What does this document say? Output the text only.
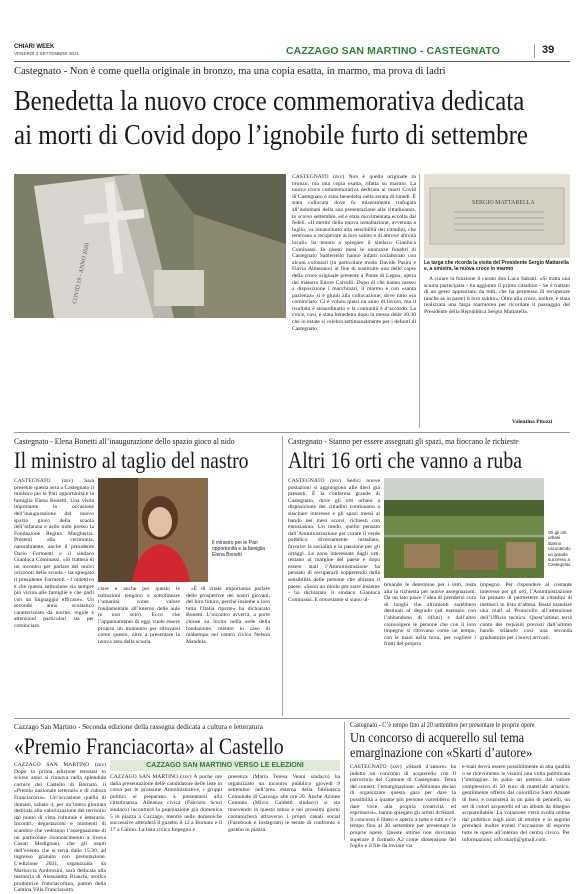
CHIARI WEEK
VENERDÌ 3 SETTEMBRE 2021	CAZZAGO SAN MARTINO - CASTEGNATO	39
Castegnato - Non è come quella originale in bronzo, ma una copia esatta, in marmo, ma prova di ladri
Benedetta la nuovo croce commemorativa dedicata
ai morti di Covid dopo l’ignobile furto di settembre
COVID 19 - ANNO 2020

CASTEGNATO (zsv) Non è quella originale in bronzo, ma una copia esatta, rifatta su marmo. La nuova croce commemorativa dedicata ai morti Covid di Castegnato è stata benedetta nella serata di lunedì. È stata collocata dove fu miseramente trafugata all’indomani della sua presentazione alla cittadinanza, lo scorso settembre, ed è stata movimentata eccolta dal fedeli. «Il merito della nuova installazione, avvenuta a luglio, va innanzitutto alla sensibilità dei cittadini, che tenevano a recuperare al loro subito e di altrove attività locali» ha tenuto a spiegare il sindaco Gianluca Cominassi. In questi mesi le onoranze funebri di Castegnato Santeriello hanno infatti collaborato con alcuni volontari (in particolare modo Davide Pasini e Flavio Almerano) al fine di sostituire una delle copie della croce originale presente a Ponte di Legno, opera del maestro Ettore Calvelli. Dopo di che hanno messo a disposizione i macchinari, il marmo e con «santa pazienza» si è giunti alla collocazione, dove tutto era cominciato. Ci è voluto quasi un anno di lavoro, ma il risultato è straordinario e la comunità è d’accordo. La croce, così, è stata benedetta dopo la messa delle 20.30 che in estate si celebra settimanalmente per i defunti di Castegnato.

SERGIO MATTARELLA
La targa che ricorda la visita del Presidente Sergio Mattarella e, a sinistra, la nuova croce in marmo

A curare la funzione il curato don Luca Sabatti. «Si tratta una scuola partecipata - ha aggiunto il primo cittadino - Se è trattato di un gesto apprezzato da tutti, che ha permesso di recuperare (anche se in parte) il loro subito». Oltre alla croce, inoltre, è stata realizzata una targa marmorea per ricordare il passaggio del Presidente della Repubblica Sergio Mattarella.

Valentina Pitozzi
Castegnato - Elena Bonetti all’inaugurazione dello spazio gioco al nido
Il ministro al taglio del nastro

CASTEGNATO (zsv) Sarà presente questa sera a Castegnato il ministro per le Pari opportunità e la famiglia Elena Bonetti. Una visita importante in occasione dell’inaugurazione del nuovo spazio gioco della scuola dell’infanzia e asilo nido presso la Fondazione Regina Margherita. Presenti alla cerimonia, naturalmente, anche il presidente Dario Formenti e il sindaco Gianluca Cominassi. «Si tratterà di un incontro per parlare dei nuovi orizzonti della scuola - ha spiegato il presidente Formenti - l’obiettivo è che questa istituzione sia sempre più vicina alle famiglie e che parli con un linguaggio efficace». Un secondo anno scolastico caratterizzato da norme, regole e attenzioni particolari sta per cominciare.

Il ministro per le Pari opportunità e la famiglia Elena Bonetti

ciare e anche per questo le istituzioni tengono a sottolineare l’umanità come valore fondamentale all’interno delle aule (e non solo). Ecco che l’appuntamento di oggi vuole essere proprio un momento per ritrovarsi come questo, oltre a presentare la nuova area della scuola.

«È di vitale importanza parlare delle prospettive dei nostri giovani, del loro futuro, perché insieme a loro tutta l’Italia riparte» ha dichiarato Bonetti. L’incontro avverrà, a porte chiuse su invito nella sede della fondazione, mentre in caso di maltempo nel centro civico Nelson Mandela.

Castegnato - Stanno per essere assegnati gli spazi, ma fioccano le richieste
Altri 16 orti che vanno a ruba

CASTEGNATO (zsv) Sedici nuove postazioni si aggiungono alle dieci già presenti. È la conferma grande di Castegnato, dove gli orti urbani a disposizione dei cittadini continuano a suscitare interesse e gli spazi messi al bando nei mesi scorsi, richiesti con entusiasmo. Un modo, quello pensato dall’Amministrazione per curare il verde pubblico diversamente installato, favorire la socialità e la passione per gli ortaggi. Le zone interessate dagli orti, restano al margine del paese e dopo essere stati l’Amministrazione ha pensato di recuperarli sopperendo dalla sensibilità delle persone che abitano il paese. «Sono un modo per stare insieme - ha dichiarato il sindaco Gianluca Cominassi. E nonostante si siano ul-

Gli gli orti urbani stanno riscuotendo un grande successo a Castegnato

timando le determine per i lotti, resta alta la richiesta per nuove assegnazioni. Da un lato piace l’idea di prendersi cura di luoghi che altrimenti sarebbero destinati al degrado (ad esempio con l’abbandono di rifiuti) e dall’altro coinvolgere le persone che con il loro impegno si ritrovano come un tempo, con le mani nella terra, per cogliere i frutti del proprio

impegno. Per rispondere al costante interesse per gli orti, l’Amministrazione ha pensato di permettere ai cittadini di metterci in lista d’attesa. Basta mandare una mail al Protocollo all’attenzione dell’Ufficio tecnico. Quest’ultimo terrà conto dei requisiti previsti dall’ultimo bando stilando così una seconda graduatoria per i nuovi arrivati.

Cazzago San Martino - Seconda edizione della rassegna dedicata a cultura e letteratura
«Premio Franciacorta» al Castello

CAZZAGO SAN MARTINO (zsv) Dopo la prima edizione tenutasi lo scorso anno si rinnova nella splendida cornice del Castello di Bornato, il «Premio nazionale letterario e di cultura Franciacorta». Un’occasione quella di domani, sabato 4, per un’intera giornata dedicata alla valorizzazione del territorio dal punto di vista culturale e letterario. Incontri, degustazioni e momenti di scambio che vedranno l’assegnazione di un particolare riconoscimento a Sveva Casati Modignani, che gli ospiti dell’evento che si terrà dalle 15.30, ad ingresso gratuito con prenotazione. L’edizione 2021, organizzata da Mariuccia Ambrosini, sarà dedicata alla memoria di Alessandra Bianchi, storica produttrice franciacortina, patron della Cantina Villa Franciacorta.

CAZZAGO SAN MARTINO VERSO LE ELEZIONI

CAZZAGO SAN MARTINO (zsv) A poche ore dalla presentazione delle candidature delle liste in corsa per le prossime Amministrative, i gruppi politici si preparano a presentarsi alla cittadinanza. Alleanza civica (Fabrizio Scuri sindaco) incontrerà la popolazione già domenica 5 in piazza a Cazzago, mentre nelle domeniche successive attenderà il gazebo il 12 a Bornato e il 17 a Calino. La lista civica Impegno e

presenza (Maria Teresa Venni sindaco) ha organizzato un incontro pubblico giovedì 9 settembre nell’area esterna della biblioteca Comunale di Cazzago alle ore 20. Anche Azione Comune (Mirco Galdetti sindaco) si sta muovendo in questo senso e nei prossimi giorni comunicherà attraverso i propri canali social (Facebook e Instagram) le serate di confronto e gazebo in piazza.

Castegnato - C’è tempo fino al 20 settembre per presentare le proprie opere
Un concorso di acquerello sul tema
emarginazione con «Skarti d’autore»

CASTEGNATO (zsv) «Skarti d’autore» ha indetto un concorso di acquerello con il patrocinio del Comune di Castegnato. Tema del contest: l’emarginazione. «Abbiamo deciso di organizzare questa gara per dare la possibilità a quante più persone vorrebbero di dare voce alla propria creatività ed esprimersi», hanno spiegato gli artisti di Skarti. Il concorso è libero e aperto a tutte e tutti e c’è tempo fino al 20 settembre per presentare le proprie opere. Queste ultime non dovranno superare il formato A2 come dimensione del foglio e il file da inviare via

e-mail dovrà essere possibilmente in alta qualità o se ricevimento le visioni una volta pubblicata l’immagine. In palio un premio dal valore complessivo di 50 euro di materiale artistico, gentilmente offerto dal colorificio Sarri Amadè di Iseo, e consisterà in un paio di pennelli, un set di colori acquerelli ed un album da disegno acquarellabile. La votazione verrà svolta online dal pubblico sugli inizi di ottobre e in seguito prenderà inoltre eventi l’occasione di esporre tutte le opere all’interno del centro civico. Per informazioni: info.skarti@gmail.com.
